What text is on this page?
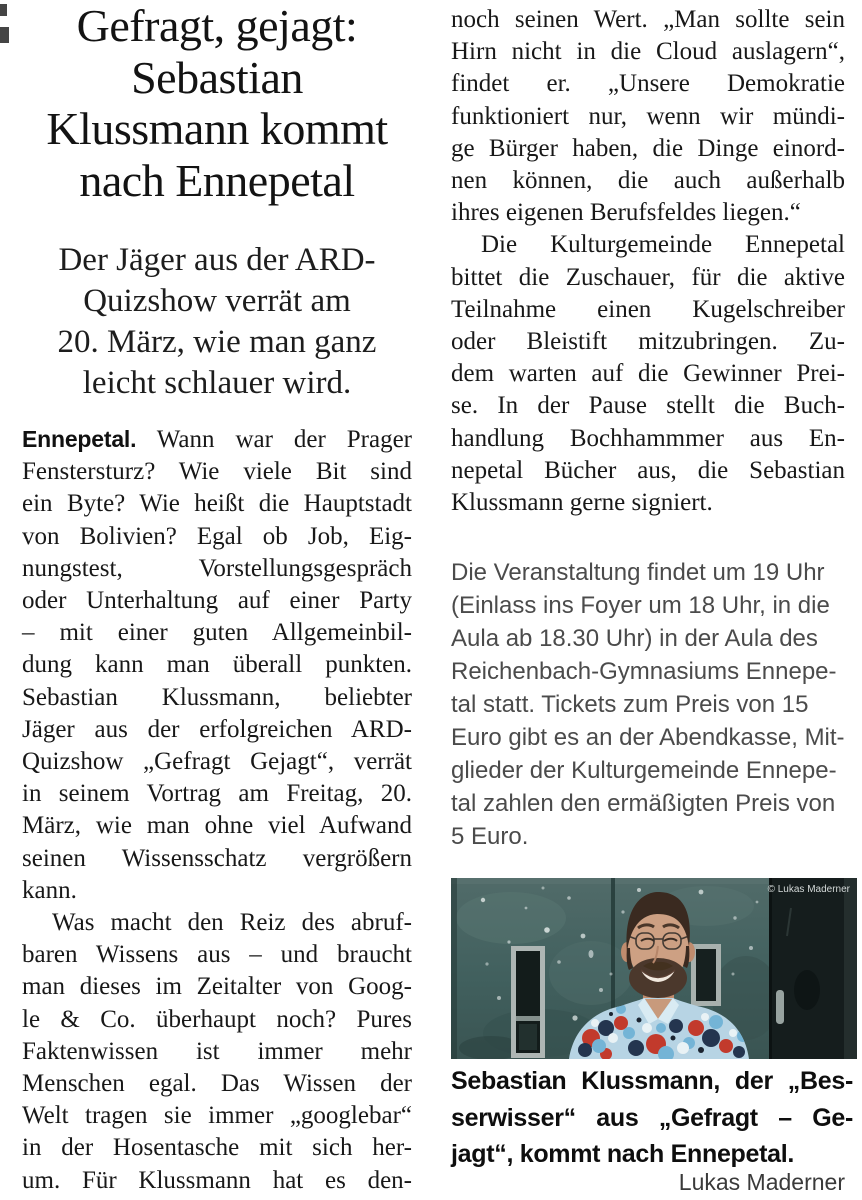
Gefragt, gejagt:
Sebastian
Klussmann kommt
nach Ennepetal
Der Jäger aus der ARD-
Quizshow verrät am
20. März, wie man ganz
leicht schlauer wird.
Ennepetal. Wann war der Prager
Fenstersturz? Wie viele Bit sind
ein Byte? Wie heißt die Hauptstadt
von Bolivien? Egal ob Job, Eig-
nungstest, Vorstellungsgespräch
oder Unterhaltung auf einer Party
– mit einer guten Allgemeinbil-
dung kann man überall punkten.
Sebastian Klussmann, beliebter
Jäger aus der erfolgreichen ARD-
Quizshow „Gefragt Gejagt“, verrät
in seinem Vortrag am Freitag, 20.
März, wie man ohne viel Aufwand
seinen Wissensschatz vergrößern
kann.
Was macht den Reiz des abruf-
baren Wissens aus – und braucht
man dieses im Zeitalter von Goog-
le & Co. überhaupt noch? Pures
Faktenwissen ist immer mehr
Menschen egal. Das Wissen der
Welt tragen sie immer „googlebar“
in der Hosentasche mit sich her-
um. Für Klussmann hat es den-
noch seinen Wert. „Man sollte sein
Hirn nicht in die Cloud auslagern“,
findet er. „Unsere Demokratie
funktioniert nur, wenn wir mündi-
ge Bürger haben, die Dinge einord-
nen können, die auch außerhalb
ihres eigenen Berufsfeldes liegen.“
Die Kulturgemeinde Ennepetal
bittet die Zuschauer, für die aktive
Teilnahme einen Kugelschreiber
oder Bleistift mitzubringen. Zu-
dem warten auf die Gewinner Prei-
se. In der Pause stellt die Buch-
handlung Bochhammmer aus En-
nepetal Bücher aus, die Sebastian
Klussmann gerne signiert.
Die Veranstaltung findet um 19 Uhr
(Einlass ins Foyer um 18 Uhr, in die
Aula ab 18.30 Uhr) in der Aula des
Reichenbach-Gymnasiums Ennepe-
tal statt. Tickets zum Preis von 15
Euro gibt es an der Abendkasse, Mit-
glieder der Kulturgemeinde Ennepe-
tal zahlen den ermäßigten Preis von
5 Euro.
© Lukas Maderner
Sebastian Klussmann, der „Bes-
serwisser“ aus „Gefragt – Ge-
jagt“, kommt nach Ennepetal.
Lukas Maderner
